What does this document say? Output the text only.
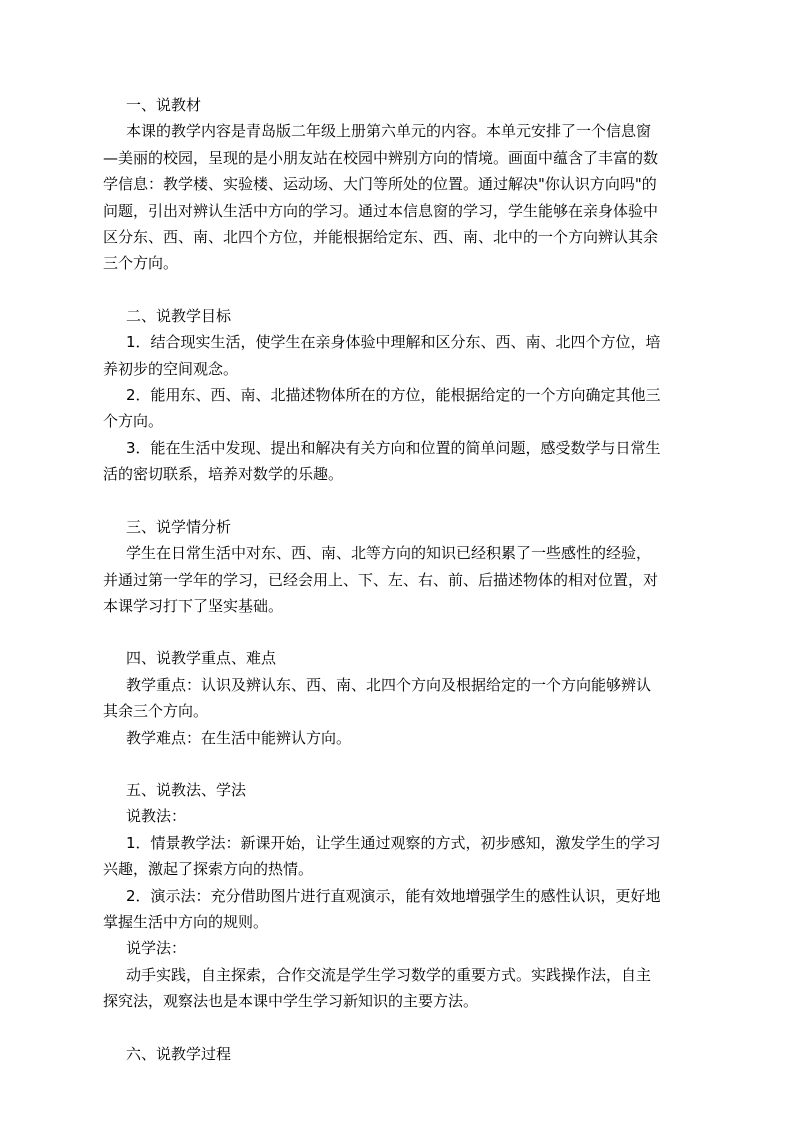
一、说教材

本课的教学内容是青岛版二年级上册第六单元的内容。本单元安排了一个信息窗

—美丽的校园，呈现的是小朋友站在校园中辨别方向的情境。画面中蕴含了丰富的数

学信息：教学楼、实验楼、运动场、大门等所处的位置。通过解决"你认识方向吗"的

问题，引出对辨认生活中方向的学习。通过本信息窗的学习，学生能够在亲身体验中

区分东、西、南、北四个方位，并能根据给定东、西、南、北中的一个方向辨认其余

三个方向。

二、说教学目标

1．结合现实生活，使学生在亲身体验中理解和区分东、西、南、北四个方位，培

养初步的空间观念。

2．能用东、西、南、北描述物体所在的方位，能根据给定的一个方向确定其他三

个方向。

3．能在生活中发现、提出和解决有关方向和位置的简单问题，感受数学与日常生

活的密切联系，培养对数学的乐趣。

三、说学情分析

学生在日常生活中对东、西、南、北等方向的知识已经积累了一些感性的经验，

并通过第一学年的学习，已经会用上、下、左、右、前、后描述物体的相对位置，对

本课学习打下了坚实基础。

四、说教学重点、难点

教学重点：认识及辨认东、西、南、北四个方向及根据给定的一个方向能够辨认

其余三个方向。

教学难点：在生活中能辨认方向。

五、说教法、学法

说教法：

1．情景教学法：新课开始，让学生通过观察的方式，初步感知，激发学生的学习

兴趣，激起了探索方向的热情。

2．演示法：充分借助图片进行直观演示，能有效地增强学生的感性认识，更好地

掌握生活中方向的规则。

说学法：

动手实践，自主探索，合作交流是学生学习数学的重要方式。实践操作法，自主

探究法，观察法也是本课中学生学习新知识的主要方法。

六、说教学过程
